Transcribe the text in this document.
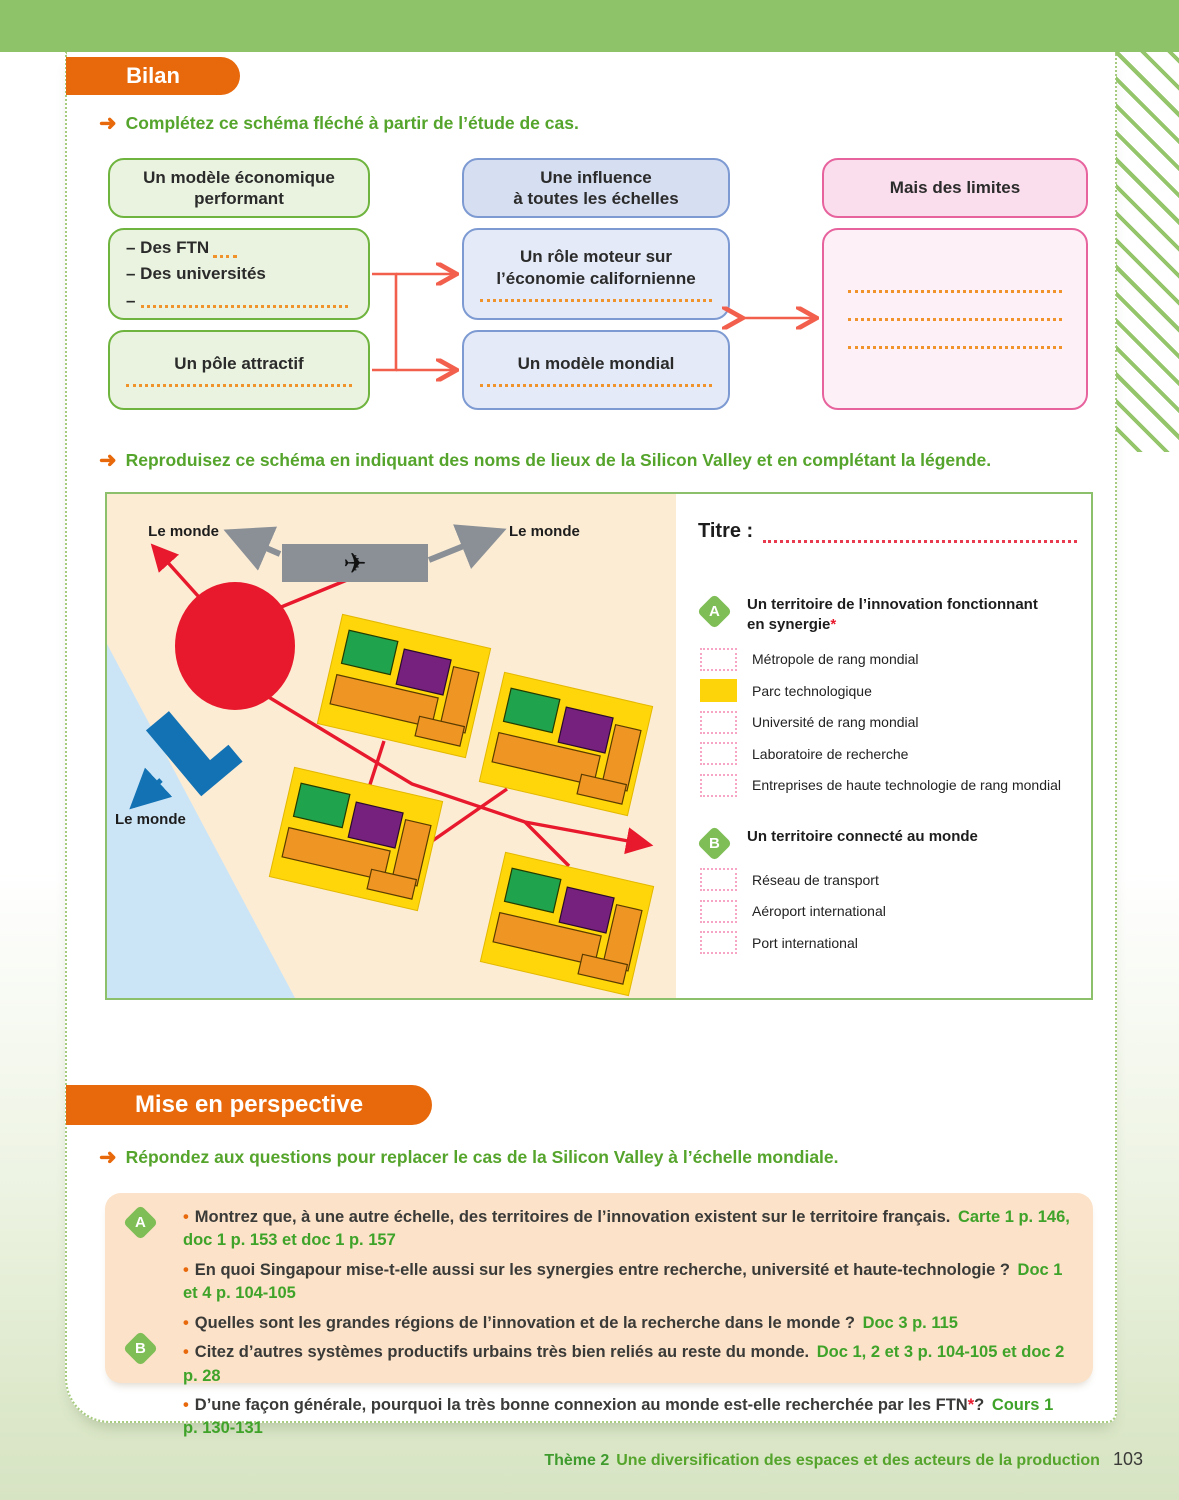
Bilan
➜ Complétez ce schéma fléché à partir de l’étude de cas.
Un modèle économique performant
Une influence
à toutes les échelles
Mais des limites
– Des FTN
– Des universités
–
Un pôle attractif
Un rôle moteur sur l’économie californienne
Un modèle mondial
➜ Reproduisez ce schéma en indiquant des noms de lieux de la Silicon Valley et en complétant la légende.
✈
Le monde	Le monde
Le monde
Titre :
A Un territoire de l’innovation fonctionnant en synergie*
Métropole de rang mondial
Parc technologique
Université de rang mondial
Laboratoire de recherche
Entreprises de haute technologie de rang mondial
B Un territoire connecté au monde
Réseau de transport
Aéroport international
Port international
Mise en perspective
➜ Répondez aux questions pour replacer le cas de la Silicon Valley à l’échelle mondiale.
A
B

• Montrez que, à une autre échelle, des territoires de l’innovation existent sur le territoire français. Carte 1 p. 146, doc 1 p. 153 et doc 1 p. 157

• En quoi Singapour mise-t-elle aussi sur les synergies entre recherche, université et haute-technologie ? Doc 1 et 4 p. 104-105

• Quelles sont les grandes régions de l’innovation et de la recherche dans le monde ? Doc 3 p. 115

• Citez d’autres systèmes productifs urbains très bien reliés au reste du monde. Doc 1, 2 et 3 p. 104-105 et doc 2 p. 28

• D’une façon générale, pourquoi la très bonne connexion au monde est-elle recherchée par les FTN*? Cours 1 p. 130-131

Thème 2 Une diversification des espaces et des acteurs de la production 103
